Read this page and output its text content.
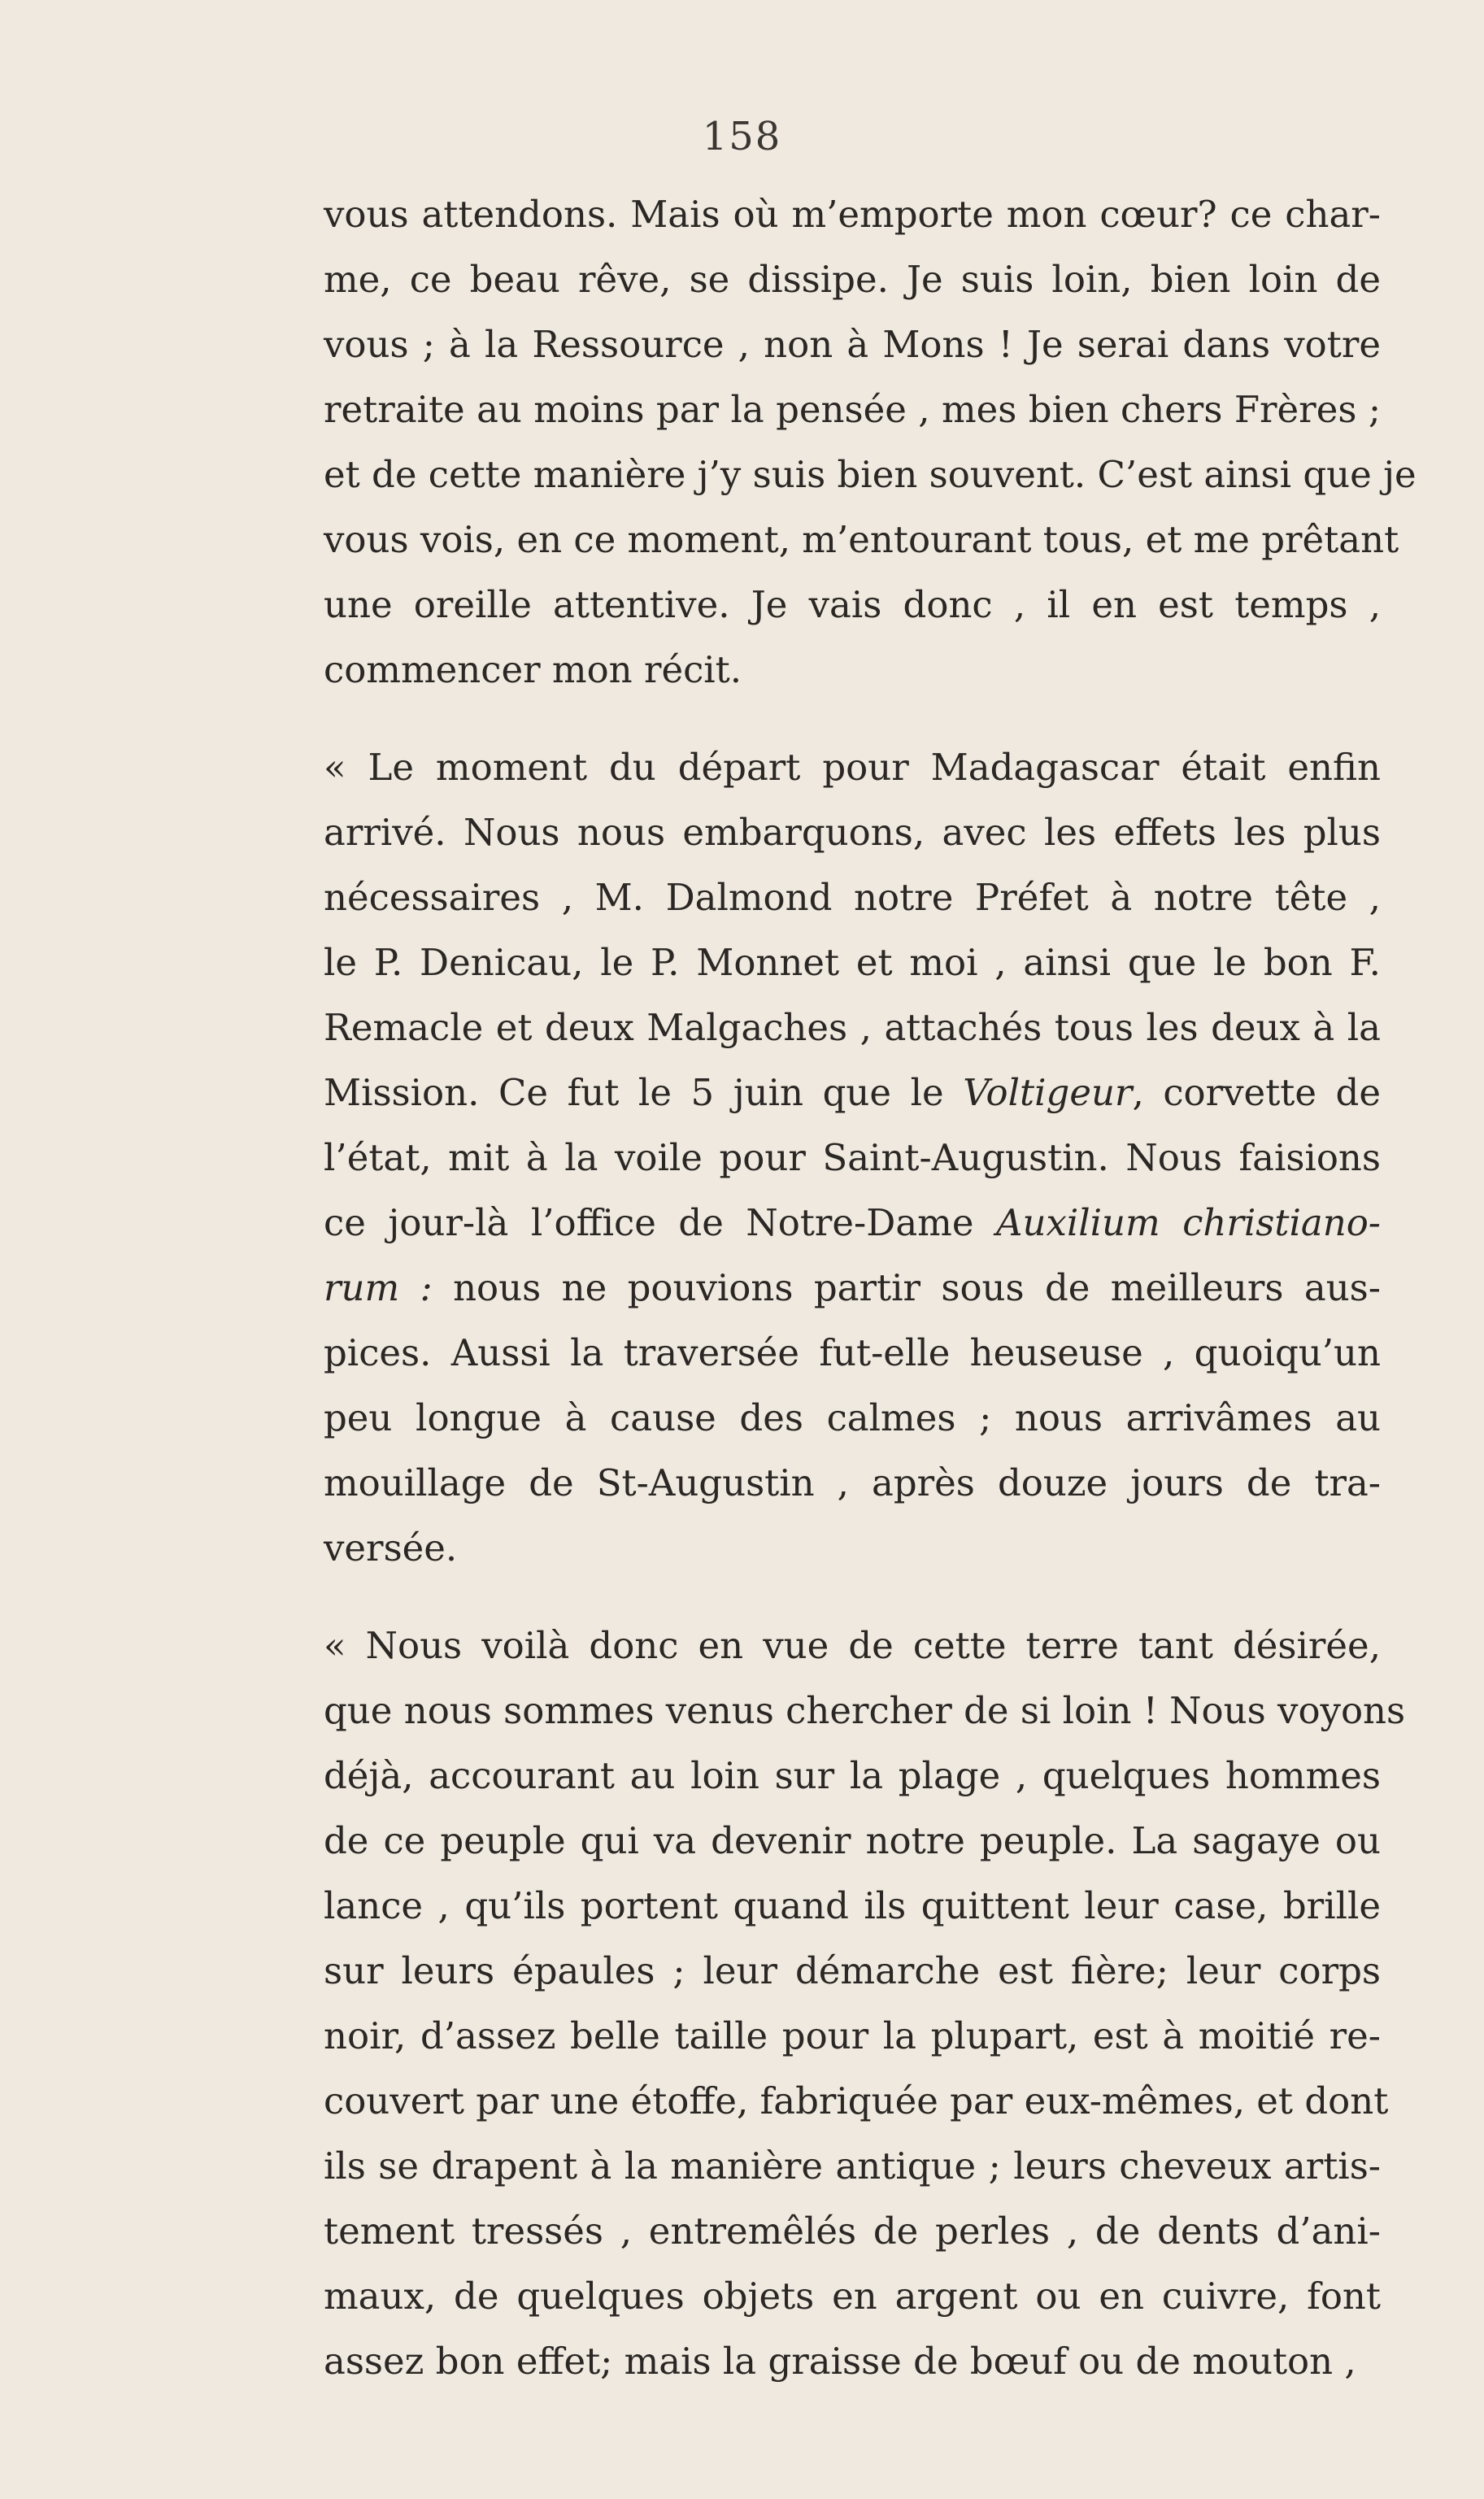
158
vous attendons. Mais où m’emporte mon cœur? ce char-
me, ce beau rêve, se dissipe. Je suis loin, bien loin de
vous ; à la Ressource , non à Mons ! Je serai dans votre
retraite au moins par la pensée , mes bien chers Frères ;
et de cette manière j’y suis bien souvent. C’est ainsi que je
vous vois, en ce moment, m’entourant tous, et me prêtant
une oreille attentive. Je vais donc , il en est temps ,
commencer mon récit.
« Le moment du départ pour Madagascar était enfin
arrivé. Nous nous embarquons, avec les effets les plus
nécessaires , M. Dalmond notre Préfet à notre tête ,
le P. Denicau, le P. Monnet et moi , ainsi que le bon F.
Remacle et deux Malgaches , attachés tous les deux à la
Mission. Ce fut le 5 juin que le Voltigeur, corvette de
l’état, mit à la voile pour Saint-Augustin. Nous faisions
ce jour-là l’office de Notre-Dame Auxilium christiano-
rum : nous ne pouvions partir sous de meilleurs aus-
pices. Aussi la traversée fut-elle heuseuse , quoiqu’un
peu longue à cause des calmes ; nous arrivâmes au
mouillage de St-Augustin , après douze jours de tra-
versée.
« Nous voilà donc en vue de cette terre tant désirée,
que nous sommes venus chercher de si loin ! Nous voyons
déjà, accourant au loin sur la plage , quelques hommes
de ce peuple qui va devenir notre peuple. La sagaye ou
lance , qu’ils portent quand ils quittent leur case, brille
sur leurs épaules ; leur démarche est fière; leur corps
noir, d’assez belle taille pour la plupart, est à moitié re-
couvert par une étoffe, fabriquée par eux-mêmes, et dont
ils se drapent à la manière antique ; leurs cheveux artis-
tement tressés , entremêlés de perles , de dents d’ani-
maux, de quelques objets en argent ou en cuivre, font
assez bon effet; mais la graisse de bœuf ou de mouton ,
